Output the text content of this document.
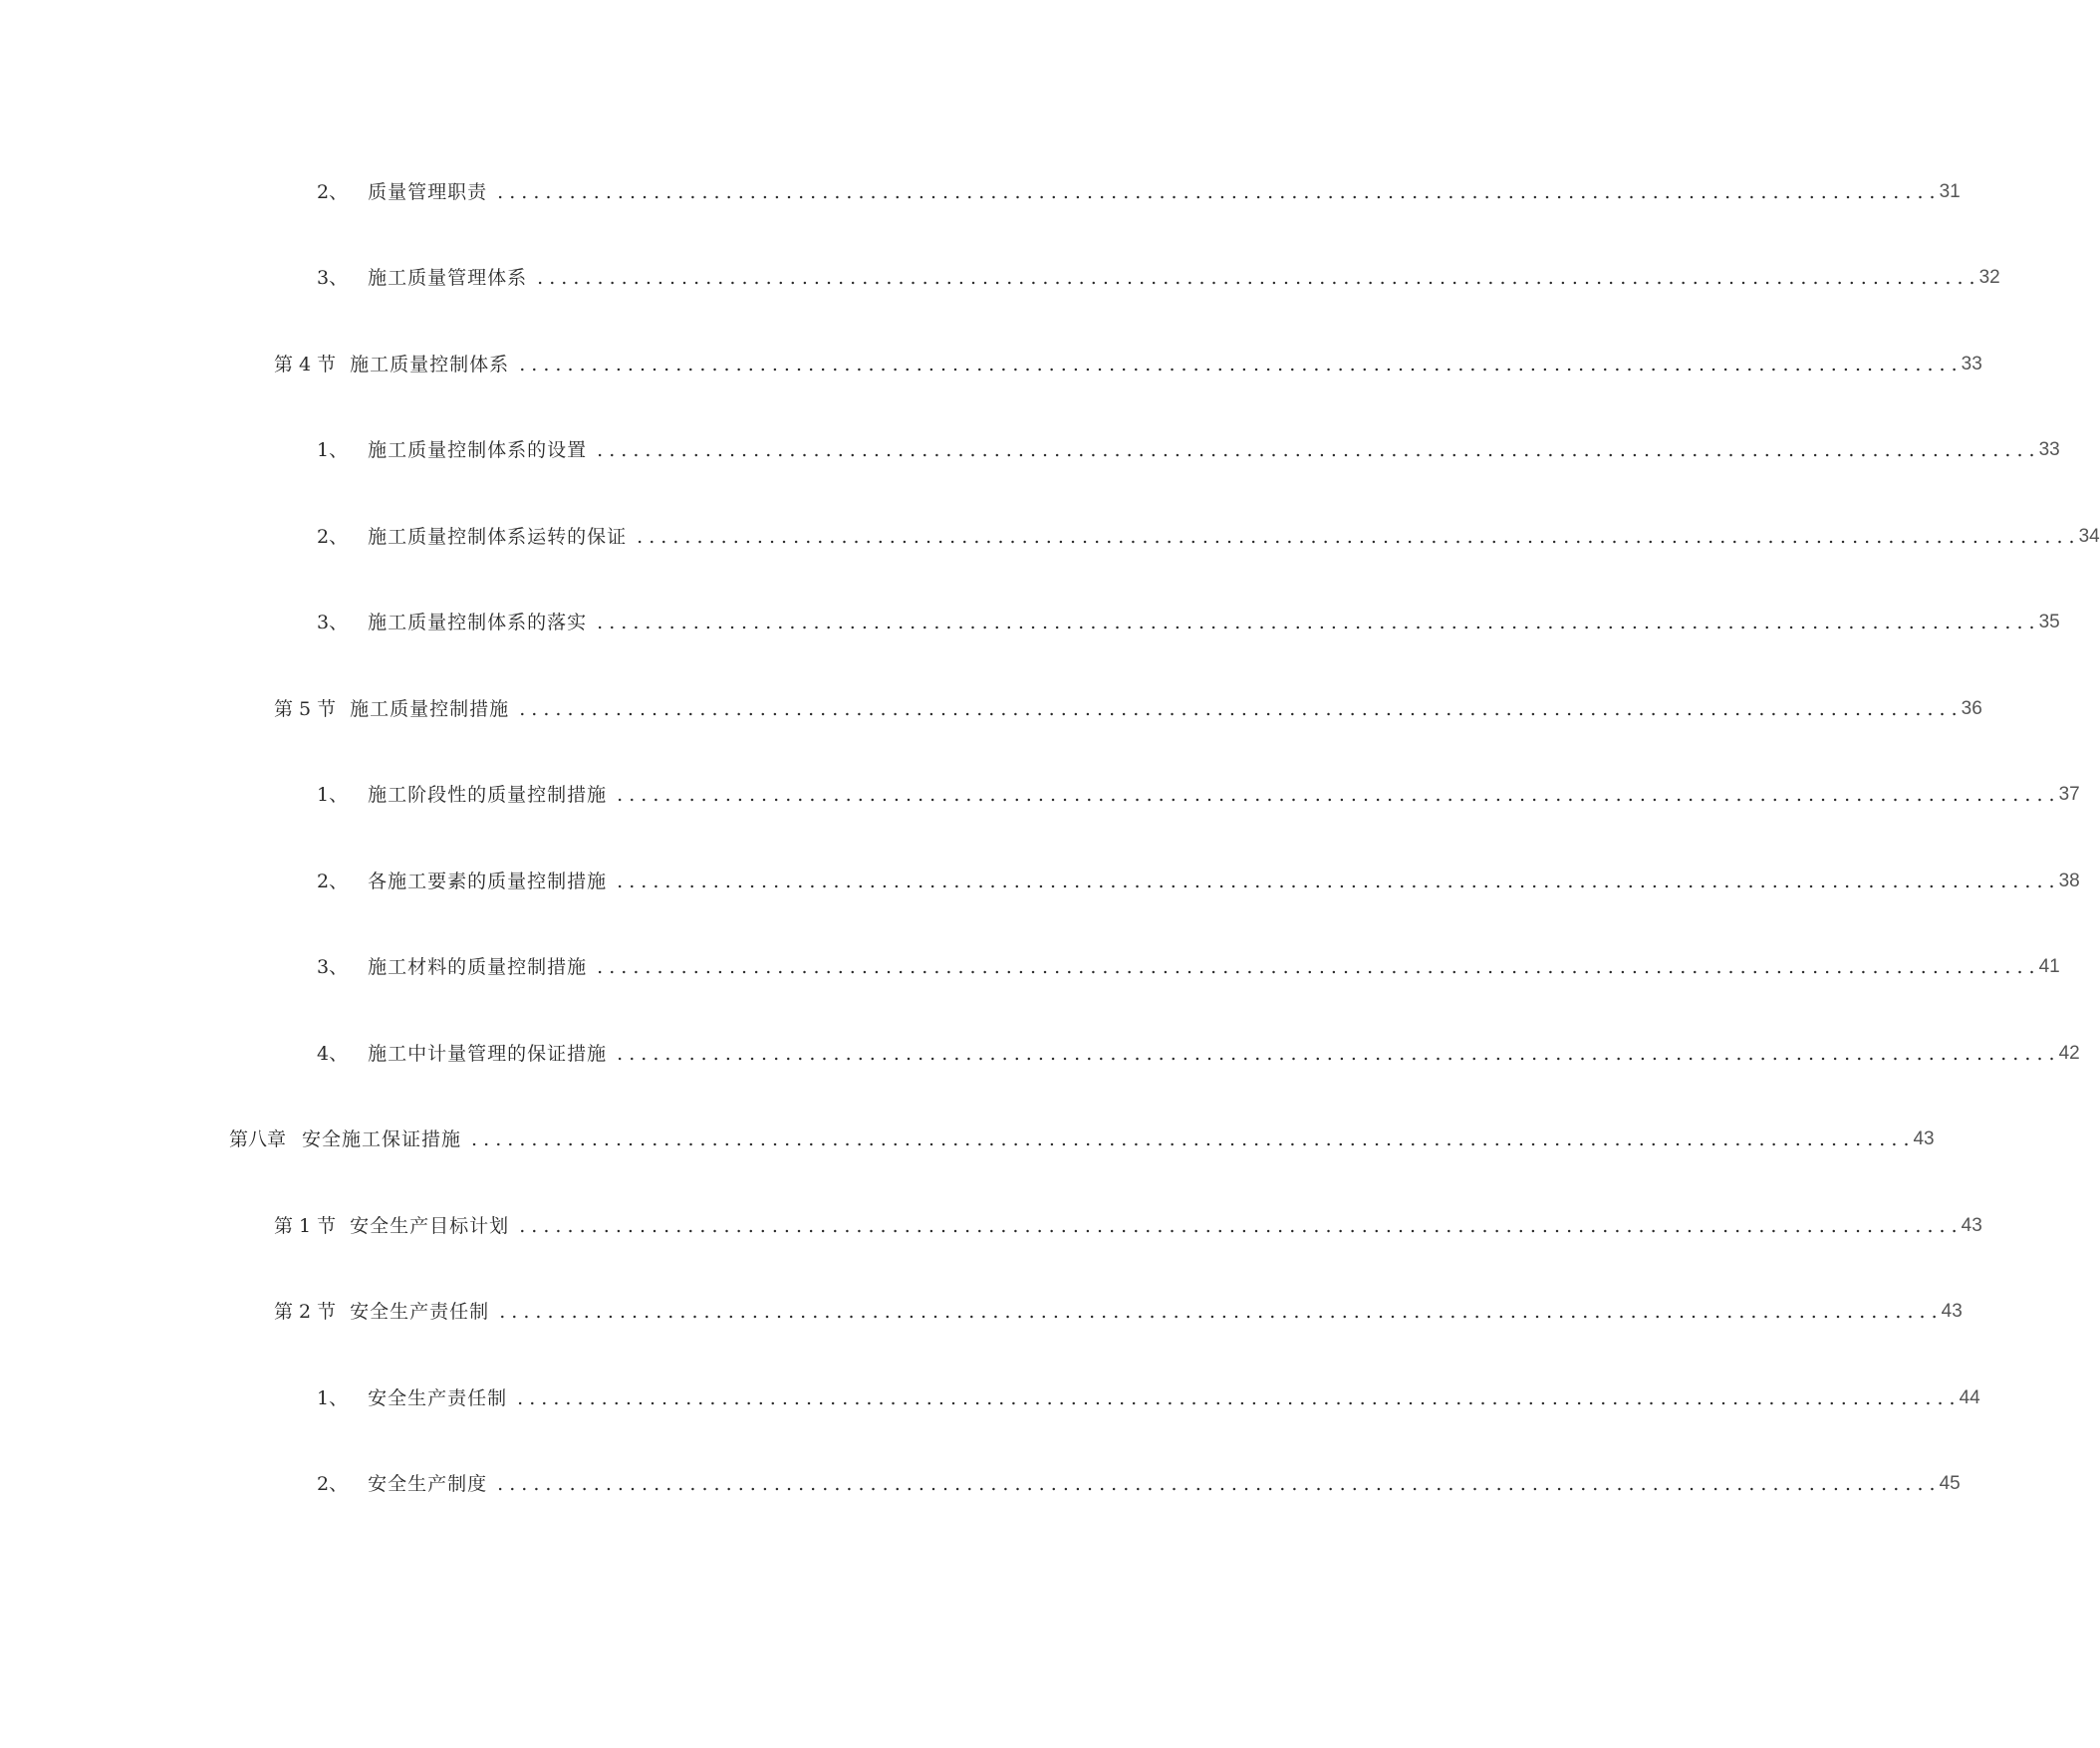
2、 质量管理职责 . . .	31
3、 施工质量管理体系 . . .	32
第 4 节 施工质量控制体系 . . .	33
1、 施工质量控制体系的设置 . . .	33
2、 施工质量控制体系运转的保证 . . .	34
3、 施工质量控制体系的落实 . . .	35
第 5 节 施工质量控制措施 . . .	36
1、 施工阶段性的质量控制措施 . . .	37
2、 各施工要素的质量控制措施 . . .	38
3、 施工材料的质量控制措施 . . .	41
4、 施工中计量管理的保证措施 . . .	42
第八章 安全施工保证措施 . . .	43
第 1 节 安全生产目标计划 . . .	43
第 2 节 安全生产责任制 . . .	43
1、 安全生产责任制 . . .	44
2、 安全生产制度 . . .	45
